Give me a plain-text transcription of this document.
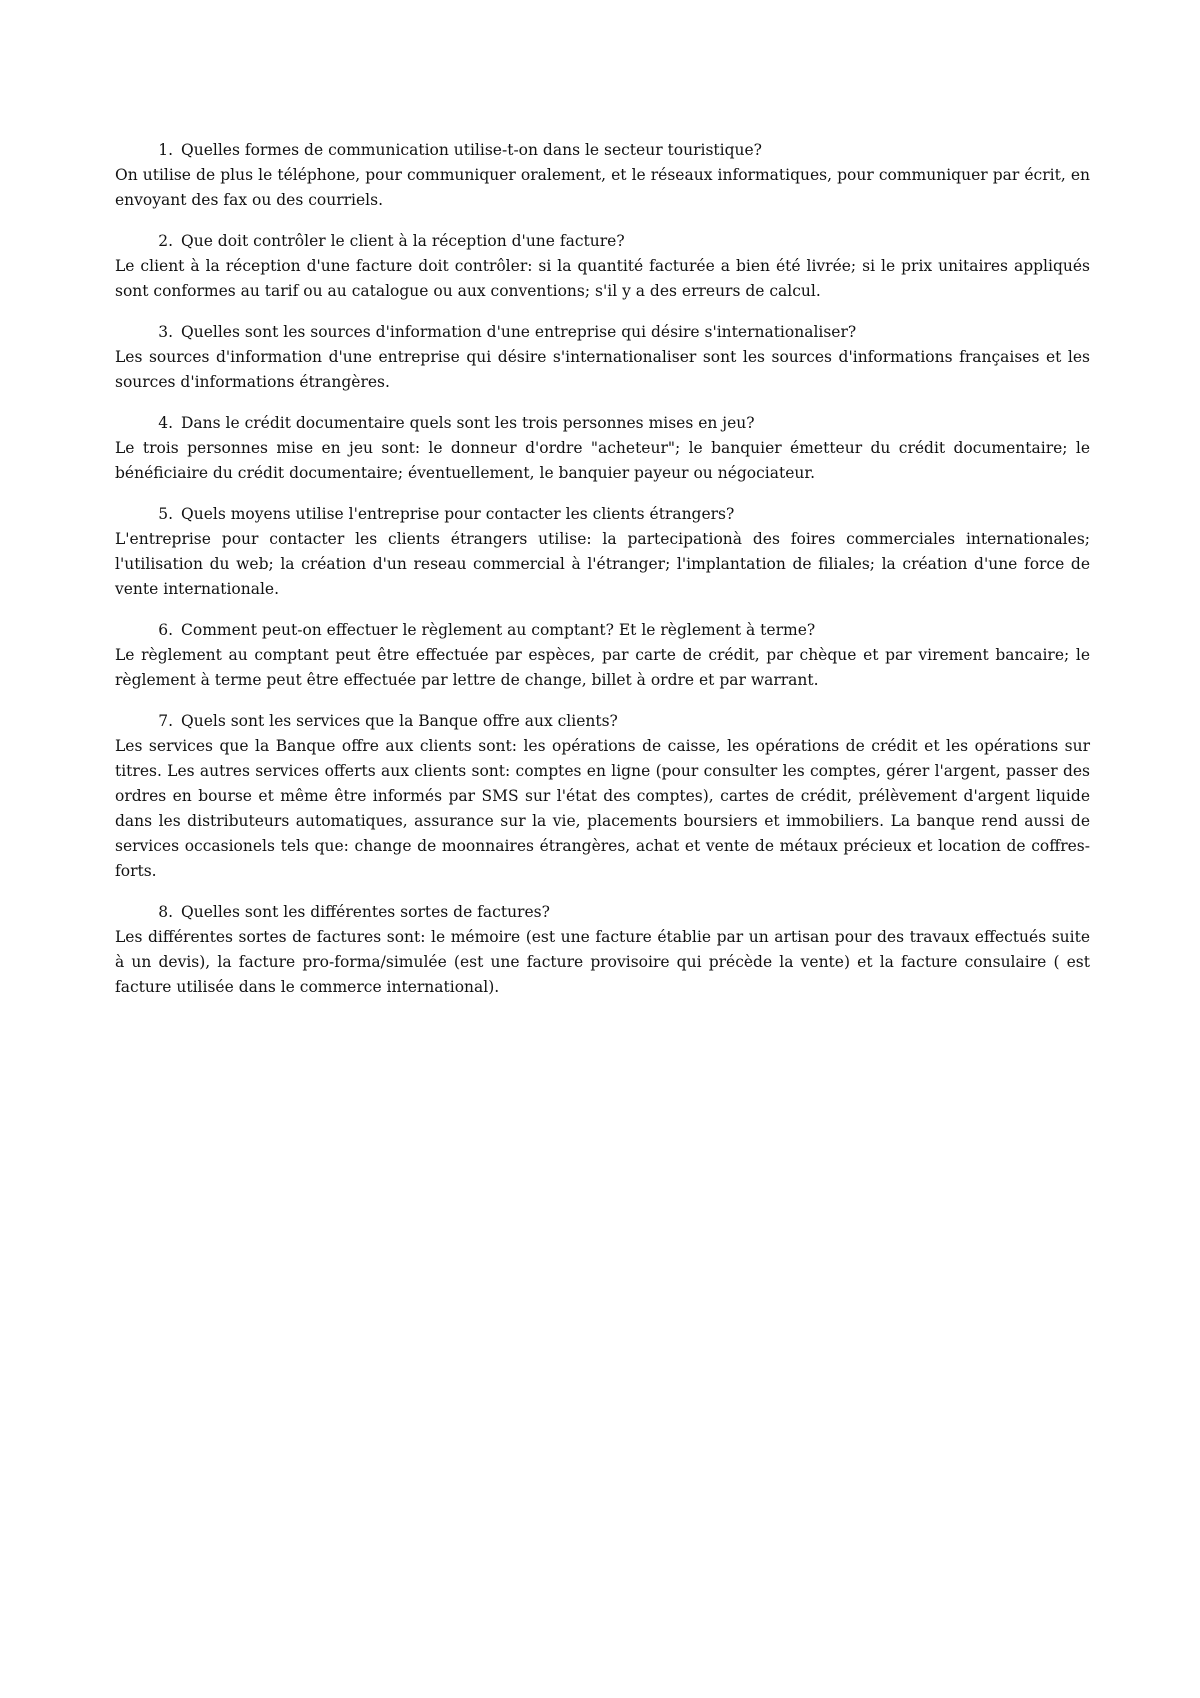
1. Quelles formes de communication utilise-t-on dans le secteur touristique?

On utilise de plus le téléphone, pour communiquer oralement, et le réseaux informatiques, pour communiquer par écrit, en envoyant des fax ou des courriels.

2. Que doit contrôler le client à la réception d'une facture?

Le client à la réception d'une facture doit contrôler: si la quantité facturée a bien été livrée; si le prix unitaires appliqués sont conformes au tarif ou au catalogue ou aux conventions; s'il y a des erreurs de calcul.

3. Quelles sont les sources d'information d'une entreprise qui désire s'internationaliser?

Les sources d'information d'une entreprise qui désire s'internationaliser sont les sources d'informations françaises et les sources d'informations étrangères.

4. Dans le crédit documentaire quels sont les trois personnes mises en jeu?

Le trois personnes mise en jeu sont: le donneur d'ordre "acheteur"; le banquier émetteur du crédit documentaire; le bénéficiaire du crédit documentaire; éventuellement, le banquier payeur ou négociateur.

5. Quels moyens utilise l'entreprise pour contacter les clients étrangers?

L'entreprise pour contacter les clients étrangers utilise: la partecipationà des foires commerciales internationales; l'utilisation du web; la création d'un reseau commercial à l'étranger; l'implantation de filiales; la création d'une force de vente internationale.

6. Comment peut-on effectuer le règlement au comptant? Et le règlement à terme?

Le règlement au comptant peut être effectuée par espèces, par carte de crédit, par chèque et par virement bancaire; le règlement à terme peut être effectuée par lettre de change, billet à ordre et par warrant.

7. Quels sont les services que la Banque offre aux clients?

Les services que la Banque offre aux clients sont: les opérations de caisse, les opérations de crédit et les opérations sur titres. Les autres services offerts aux clients sont: comptes en ligne (pour consulter les comptes, gérer l'argent, passer des ordres en bourse et même être informés par SMS sur l'état des comptes), cartes de crédit, prélèvement d'argent liquide dans les distributeurs automatiques, assurance sur la vie, placements boursiers et immobiliers. La banque rend aussi de services occasionels tels que: change de moonnaires étrangères, achat et vente de métaux précieux et location de coffres-forts.

8. Quelles sont les différentes sortes de factures?

Les différentes sortes de factures sont: le mémoire (est une facture établie par un artisan pour des travaux effectués suite à un devis), la facture pro-forma/simulée (est une facture provisoire qui précède la vente) et la facture consulaire ( est facture utilisée dans le commerce international).
